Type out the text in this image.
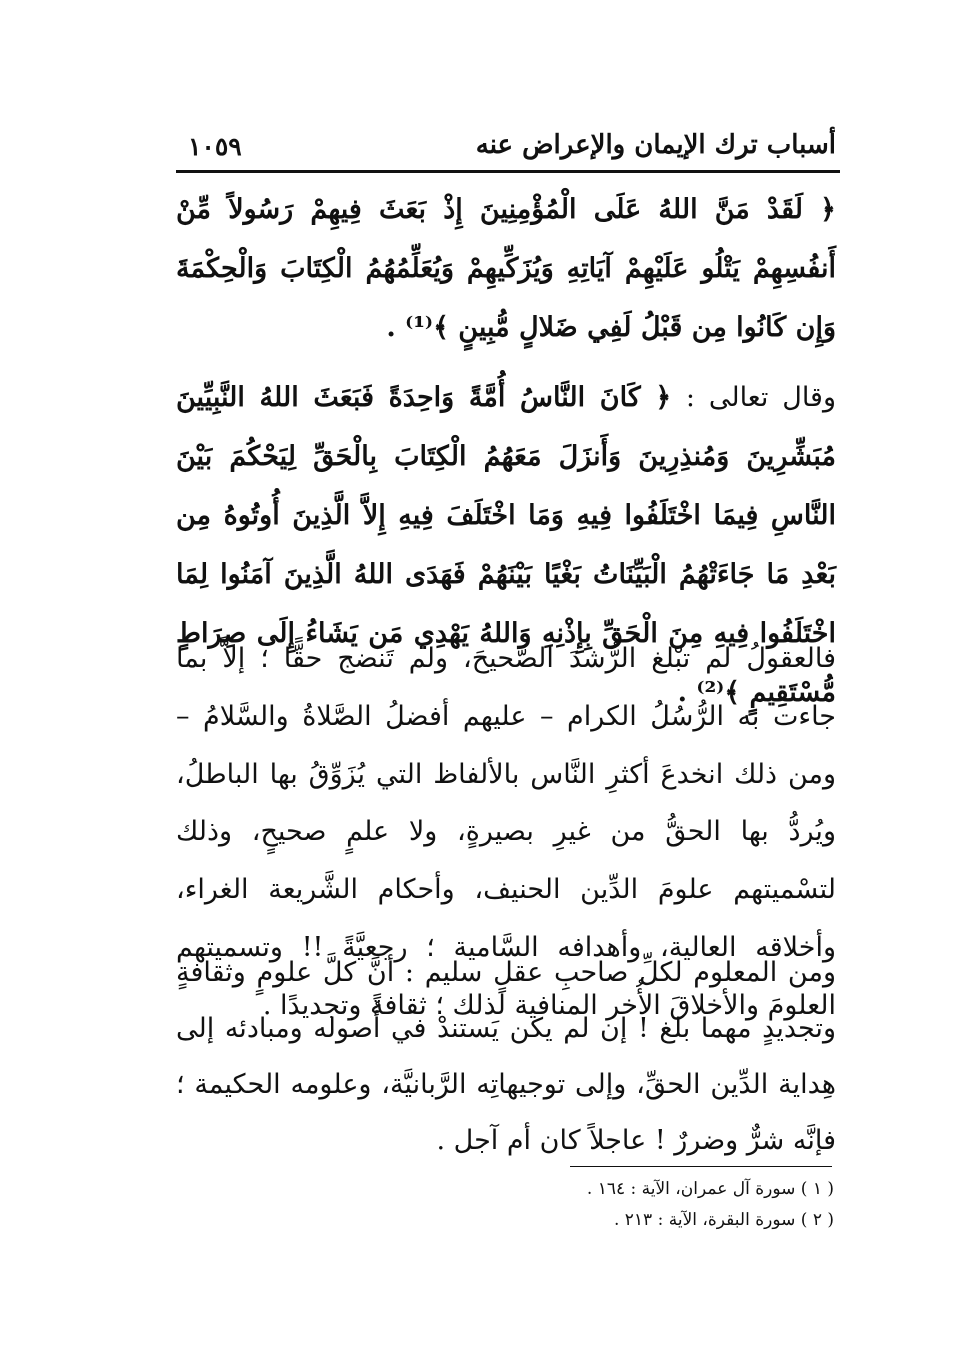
أسباب ترك الإيمان والإعراض عنه
١٠٥٩

﴿ لَقَدْ مَنَّ اللهُ عَلَى الْمُؤْمِنِينَ إِذْ بَعَثَ فِيهِمْ رَسُولاً مِّنْ أَنفُسِهِمْ يَتْلُو عَلَيْهِمْ آيَاتِهِ وَيُزَكِّيهِمْ وَيُعَلِّمُهُمُ الْكِتَابَ وَالْحِكْمَةَ وَإِن كَانُوا مِن قَبْلُ لَفِي ضَلالٍ مُّبِينٍ ﴾⁽¹⁾ .

وقال تعالى : ﴿ كَانَ النَّاسُ أُمَّةً وَاحِدَةً فَبَعَثَ اللهُ النَّبِيِّينَ مُبَشِّرِينَ وَمُنذِرِينَ وَأَنزَلَ مَعَهُمُ الْكِتَابَ بِالْحَقِّ لِيَحْكُمَ بَيْنَ النَّاسِ فِيمَا اخْتَلَفُوا فِيهِ وَمَا اخْتَلَفَ فِيهِ إِلاَّ الَّذِينَ أُوتُوهُ مِن بَعْدِ مَا جَاءَتْهُمُ الْبَيِّنَاتُ بَغْيًا بَيْنَهُمْ فَهَدَى اللهُ الَّذِينَ آمَنُوا لِمَا اخْتَلَفُوا فِيهِ مِنَ الْحَقِّ بِإِذْنِهِ وَاللهُ يَهْدِي مَن يَشَاءُ إِلَى صِرَاطٍ مُّسْتَقِيمٍ ﴾⁽²⁾ .

فالعقولُ لم تبْلغ الرُّشدَ الصَّحيحَ، ولم تَنضج حقًّا ؛ إلاَّ بما جاءت به الرُّسُلُ الكرام – عليهم أفضلُ الصَّلاةُ والسَّلامُ – ومن ذلك انخدعَ أكثرِ النَّاس بالألفاظ التي يُزَوِّقُ بها الباطلُ، ويُردُّ بها الحقُّ من غيرِ بصيرةٍ، ولا علمٍ صحيحٍ، وذلك لتسْميتهم علومَ الدِّين الحنيف، وأحكام الشَّريعة الغراء، وأخلاقه العالية، وأهدافه السَّامية ؛ رجعيَّةً !! وتسميتهم العلومَ والأخلاقَ الأُخر المنافية لذلك ؛ ثقافةً وتجديدًا .

ومن المعلوم لكلِّ صاحبِ عقلٍ سليم : أنَّ كلَّ علومٍ وثقافةٍ وتجديدٍ مهما بلغ ! إن لم يكن يَستندْ في أُصوله ومبادئه إلى هِداية الدِّين الحقِّ، وإلى توجيهاتِه الرَّبانيَّة، وعلومه الحكيمة ؛ فإنَّه شرٌّ وضررٌ ! عاجلاً كان أم آجل .

( ١ ) سورة آل عمران، الآية : ١٦٤ .
( ٢ ) سورة البقرة، الآية : ٢١٣ .
